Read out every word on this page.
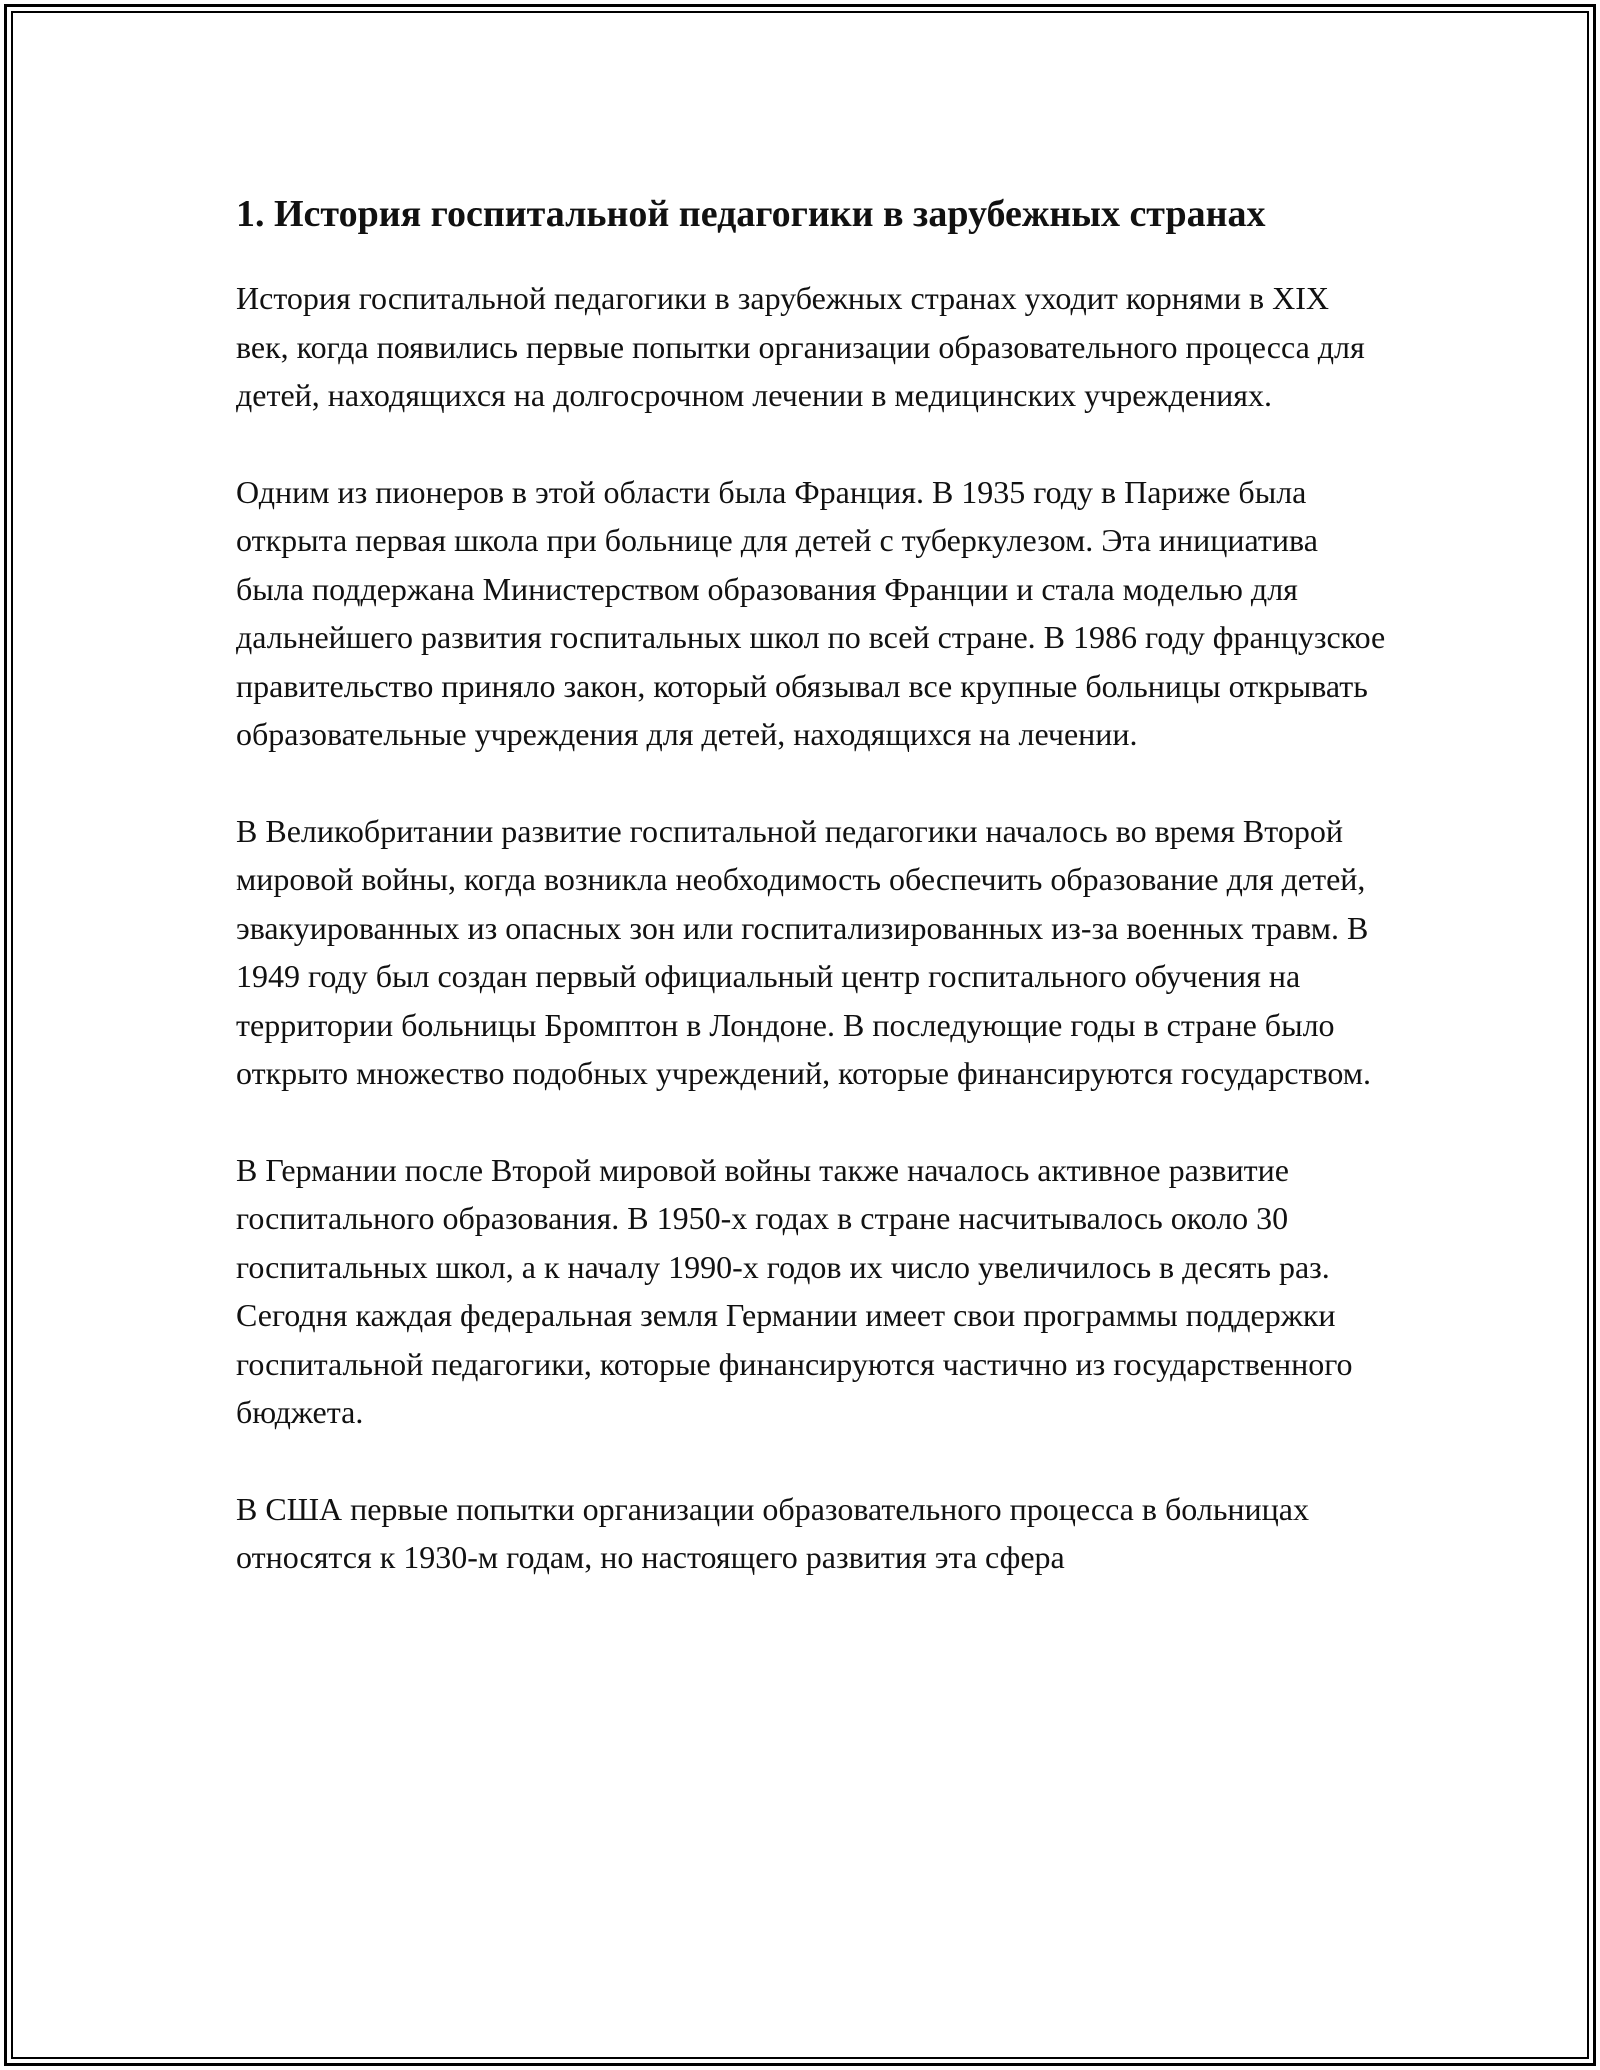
1. История госпитальной педагогики в зарубежных странах

История госпитальной педагогики в зарубежных странах уходит корнями в XIX век, когда появились первые попытки организации образовательного процесса для детей, находящихся на долгосрочном лечении в медицинских учреждениях.

Одним из пионеров в этой области была Франция. В 1935 году в Париже была открыта первая школа при больнице для детей с туберкулезом. Эта инициатива была поддержана Министерством образования Франции и стала моделью для дальнейшего развития госпитальных школ по всей стране. В 1986 году французское правительство приняло закон, который обязывал все крупные больницы открывать образовательные учреждения для детей, находящихся на лечении.

В Великобритании развитие госпитальной педагогики началось во время Второй мировой войны, когда возникла необходимость обеспечить образование для детей, эвакуированных из опасных зон или госпитализированных из-за военных травм. В 1949 году был создан первый официальный центр госпитального обучения на территории больницы Бромптон в Лондоне. В последующие годы в стране было открыто множество подобных учреждений, которые финансируются государством.

В Германии после Второй мировой войны также началось активное развитие госпитального образования. В 1950-х годах в стране насчитывалось около 30 госпитальных школ, а к началу 1990-х годов их число увеличилось в десять раз. Сегодня каждая федеральная земля Германии имеет свои программы поддержки госпитальной педагогики, которые финансируются частично из государственного бюджета.

В США первые попытки организации образовательного процесса в больницах относятся к 1930-м годам, но настоящего развития эта сфера
